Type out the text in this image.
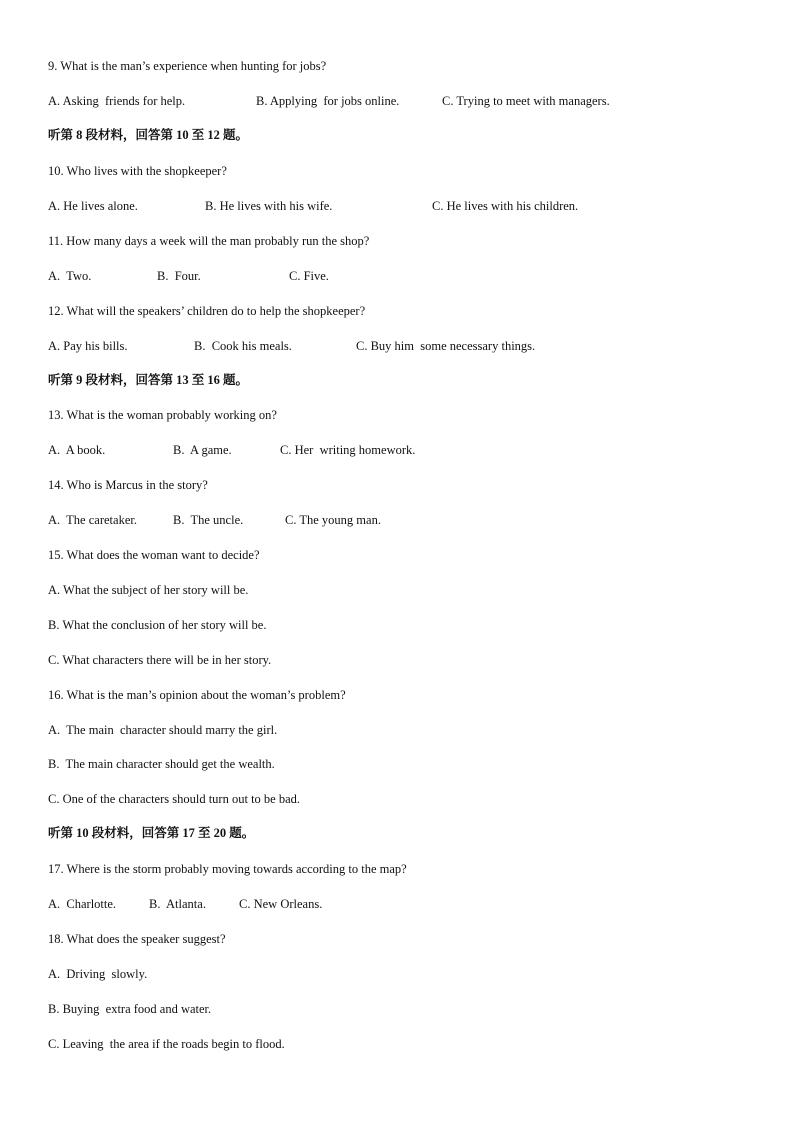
9. What is the man’s experience when hunting for jobs?
A. Asking  friends for help.	B. Applying  for jobs online.	C. Trying to meet with managers.
听第 8 段材料，回答第 10 至 12 题。
10. Who lives with the shopkeeper?
A. He lives alone.	B. He lives with his wife.	C. He lives with his children.
11. How many days a week will the man probably run the shop?
A.  Two.	B.  Four.	C. Five.
12. What will the speakers’ children do to help the shopkeeper?
A. Pay his bills.	B.  Cook his meals.	C. Buy him  some necessary things.
听第 9 段材料，回答第 13 至 16 题。
13. What is the woman probably working on?
A.  A book.	B.  A game.	C. Her  writing homework.
14. Who is Marcus in the story?
A.  The caretaker.	B.  The uncle.	C. The young man.
15. What does the woman want to decide?
A. What the subject of her story will be.
B. What the conclusion of her story will be.
C. What characters there will be in her story.
16. What is the man’s opinion about the woman’s problem?
A.  The main  character should marry the girl.
B.  The main character should get the wealth.
C. One of the characters should turn out to be bad.
听第 10 段材料，回答第 17 至 20 题。
17. Where is the storm probably moving towards according to the map?
A.  Charlotte.	B.  Atlanta.	C. New Orleans.
18. What does the speaker suggest?
A.  Driving  slowly.
B. Buying  extra food and water.
C. Leaving  the area if the roads begin to flood.
